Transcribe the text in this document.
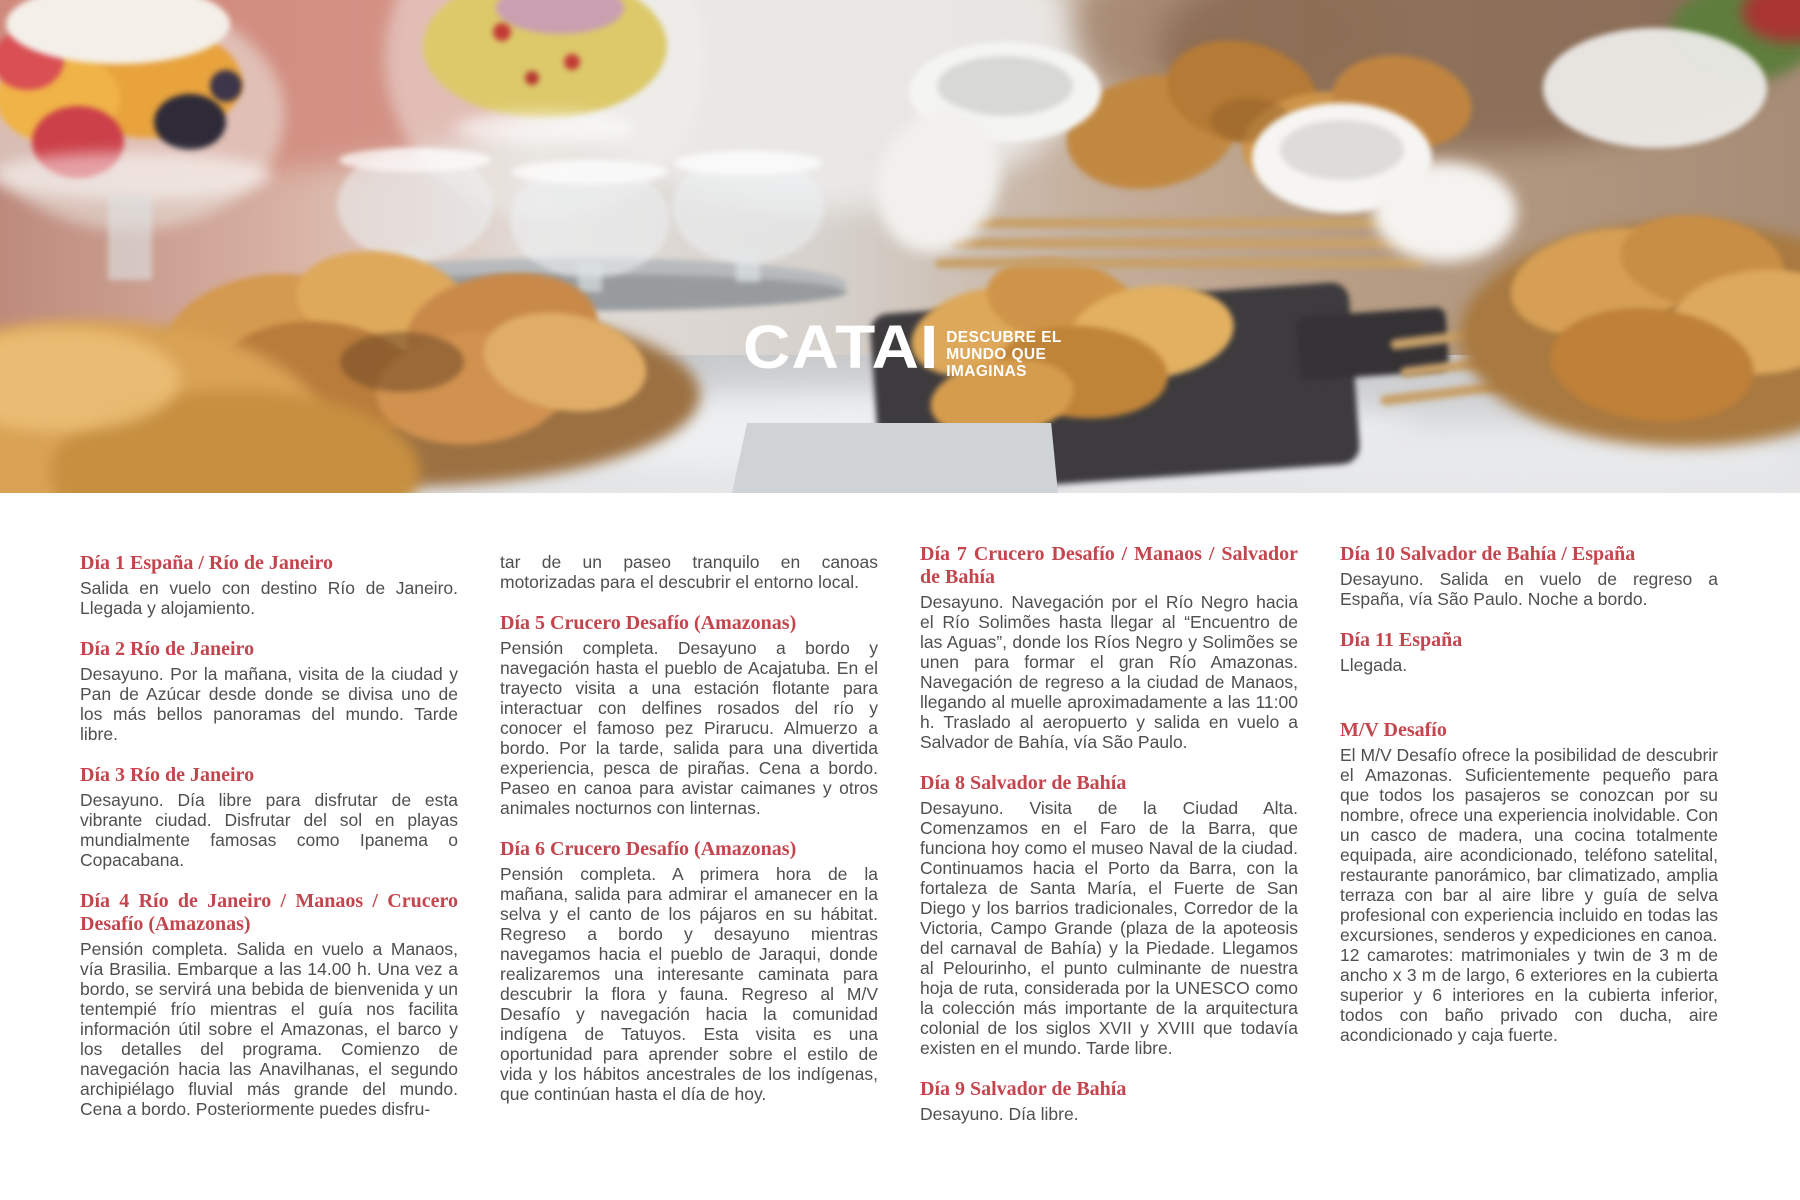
CATAI DESCUBRE EL
MUNDO QUE
IMAGINAS
Día 1 España / Río de Janeiro

Salida en vuelo con destino Río de Janeiro. Llegada y alojamiento.

Día 2 Río de Janeiro

Desayuno. Por la mañana, visita de la ciudad y Pan de Azúcar desde donde se divisa uno de los más bellos panoramas del mundo. Tarde libre.

Día 3 Río de Janeiro

Desayuno. Día libre para disfrutar de esta vibrante ciudad. Disfrutar del sol en playas mundialmente famosas como Ipanema o Copacabana.

Día 4 Río de Janeiro / Manaos / Crucero Desafío (Amazonas)

Pensión completa. Salida en vuelo a Manaos, vía Brasilia. Embarque a las 14.00 h. Una vez a bordo, se servirá una bebida de bienvenida y un tentempié frío mientras el guía nos facilita información útil sobre el Amazonas, el barco y los detalles del programa. Comienzo de navegación hacia las Anavilhanas, el segundo archipiélago fluvial más grande del mundo. Cena a bordo. Posteriormente puedes disfru-

tar de un paseo tranquilo en canoas motorizadas para el descubrir el entorno local.

Día 5 Crucero Desafío (Amazonas)

Pensión completa. Desayuno a bordo y navegación hasta el pueblo de Acajatuba. En el trayecto visita a una estación flotante para interactuar con delfines rosados del río y conocer el famoso pez Pirarucu. Almuerzo a bordo. Por la tarde, salida para una divertida experiencia, pesca de pirañas. Cena a bordo. Paseo en canoa para avistar caimanes y otros animales nocturnos con linternas.

Día 6 Crucero Desafío (Amazonas)

Pensión completa. A primera hora de la mañana, salida para admirar el amanecer en la selva y el canto de los pájaros en su hábitat. Regreso a bordo y desayuno mientras navegamos hacia el pueblo de Jaraqui, donde realizaremos una interesante caminata para descubrir la flora y fauna. Regreso al M/V Desafío y navegación hacia la comunidad indígena de Tatuyos. Esta visita es una oportunidad para aprender sobre el estilo de vida y los hábitos ancestrales de los indígenas, que continúan hasta el día de hoy.

Día 7 Crucero Desafío / Manaos / Salvador de Bahía

Desayuno. Navegación por el Río Negro hacia el Río Solimões hasta llegar al “Encuentro de las Aguas”, donde los Ríos Negro y Solimões se unen para formar el gran Río Amazonas. Navegación de regreso a la ciudad de Manaos, llegando al muelle aproximadamente a las 11:00 h. Traslado al aeropuerto y salida en vuelo a Salvador de Bahía, vía São Paulo.

Día 8 Salvador de Bahía

Desayuno. Visita de la Ciudad Alta. Comenzamos en el Faro de la Barra, que funciona hoy como el museo Naval de la ciudad. Continuamos hacia el Porto da Barra, con la fortaleza de Santa María, el Fuerte de San Diego y los barrios tradicionales, Corredor de la Victoria, Campo Grande (plaza de la apoteosis del carnaval de Bahía) y la Piedade. Llegamos al Pelourinho, el punto culminante de nuestra hoja de ruta, considerada por la UNESCO como la colección más importante de la arquitectura colonial de los siglos XVII y XVIII que todavía existen en el mundo. Tarde libre.

Día 9 Salvador de Bahía

Desayuno. Día libre.

Día 10 Salvador de Bahía / España

Desayuno. Salida en vuelo de regreso a España, vía São Paulo. Noche a bordo.

Día 11 España

Llegada.

M/V Desafío

El M/V Desafío ofrece la posibilidad de descubrir el Amazonas. Suficientemente pequeño para que todos los pasajeros se conozcan por su nombre, ofrece una experiencia inolvidable. Con un casco de madera, una cocina totalmente equipada, aire acondicionado, teléfono satelital, restaurante panorámico, bar climatizado, amplia terraza con bar al aire libre y guía de selva profesional con experiencia incluido en todas las excursiones, senderos y expediciones en canoa.

12 camarotes: matrimoniales y twin de 3 m de ancho x 3 m de largo, 6 exteriores en la cubierta superior y 6 interiores en la cubierta inferior, todos con baño privado con ducha, aire acondicionado y caja fuerte.
